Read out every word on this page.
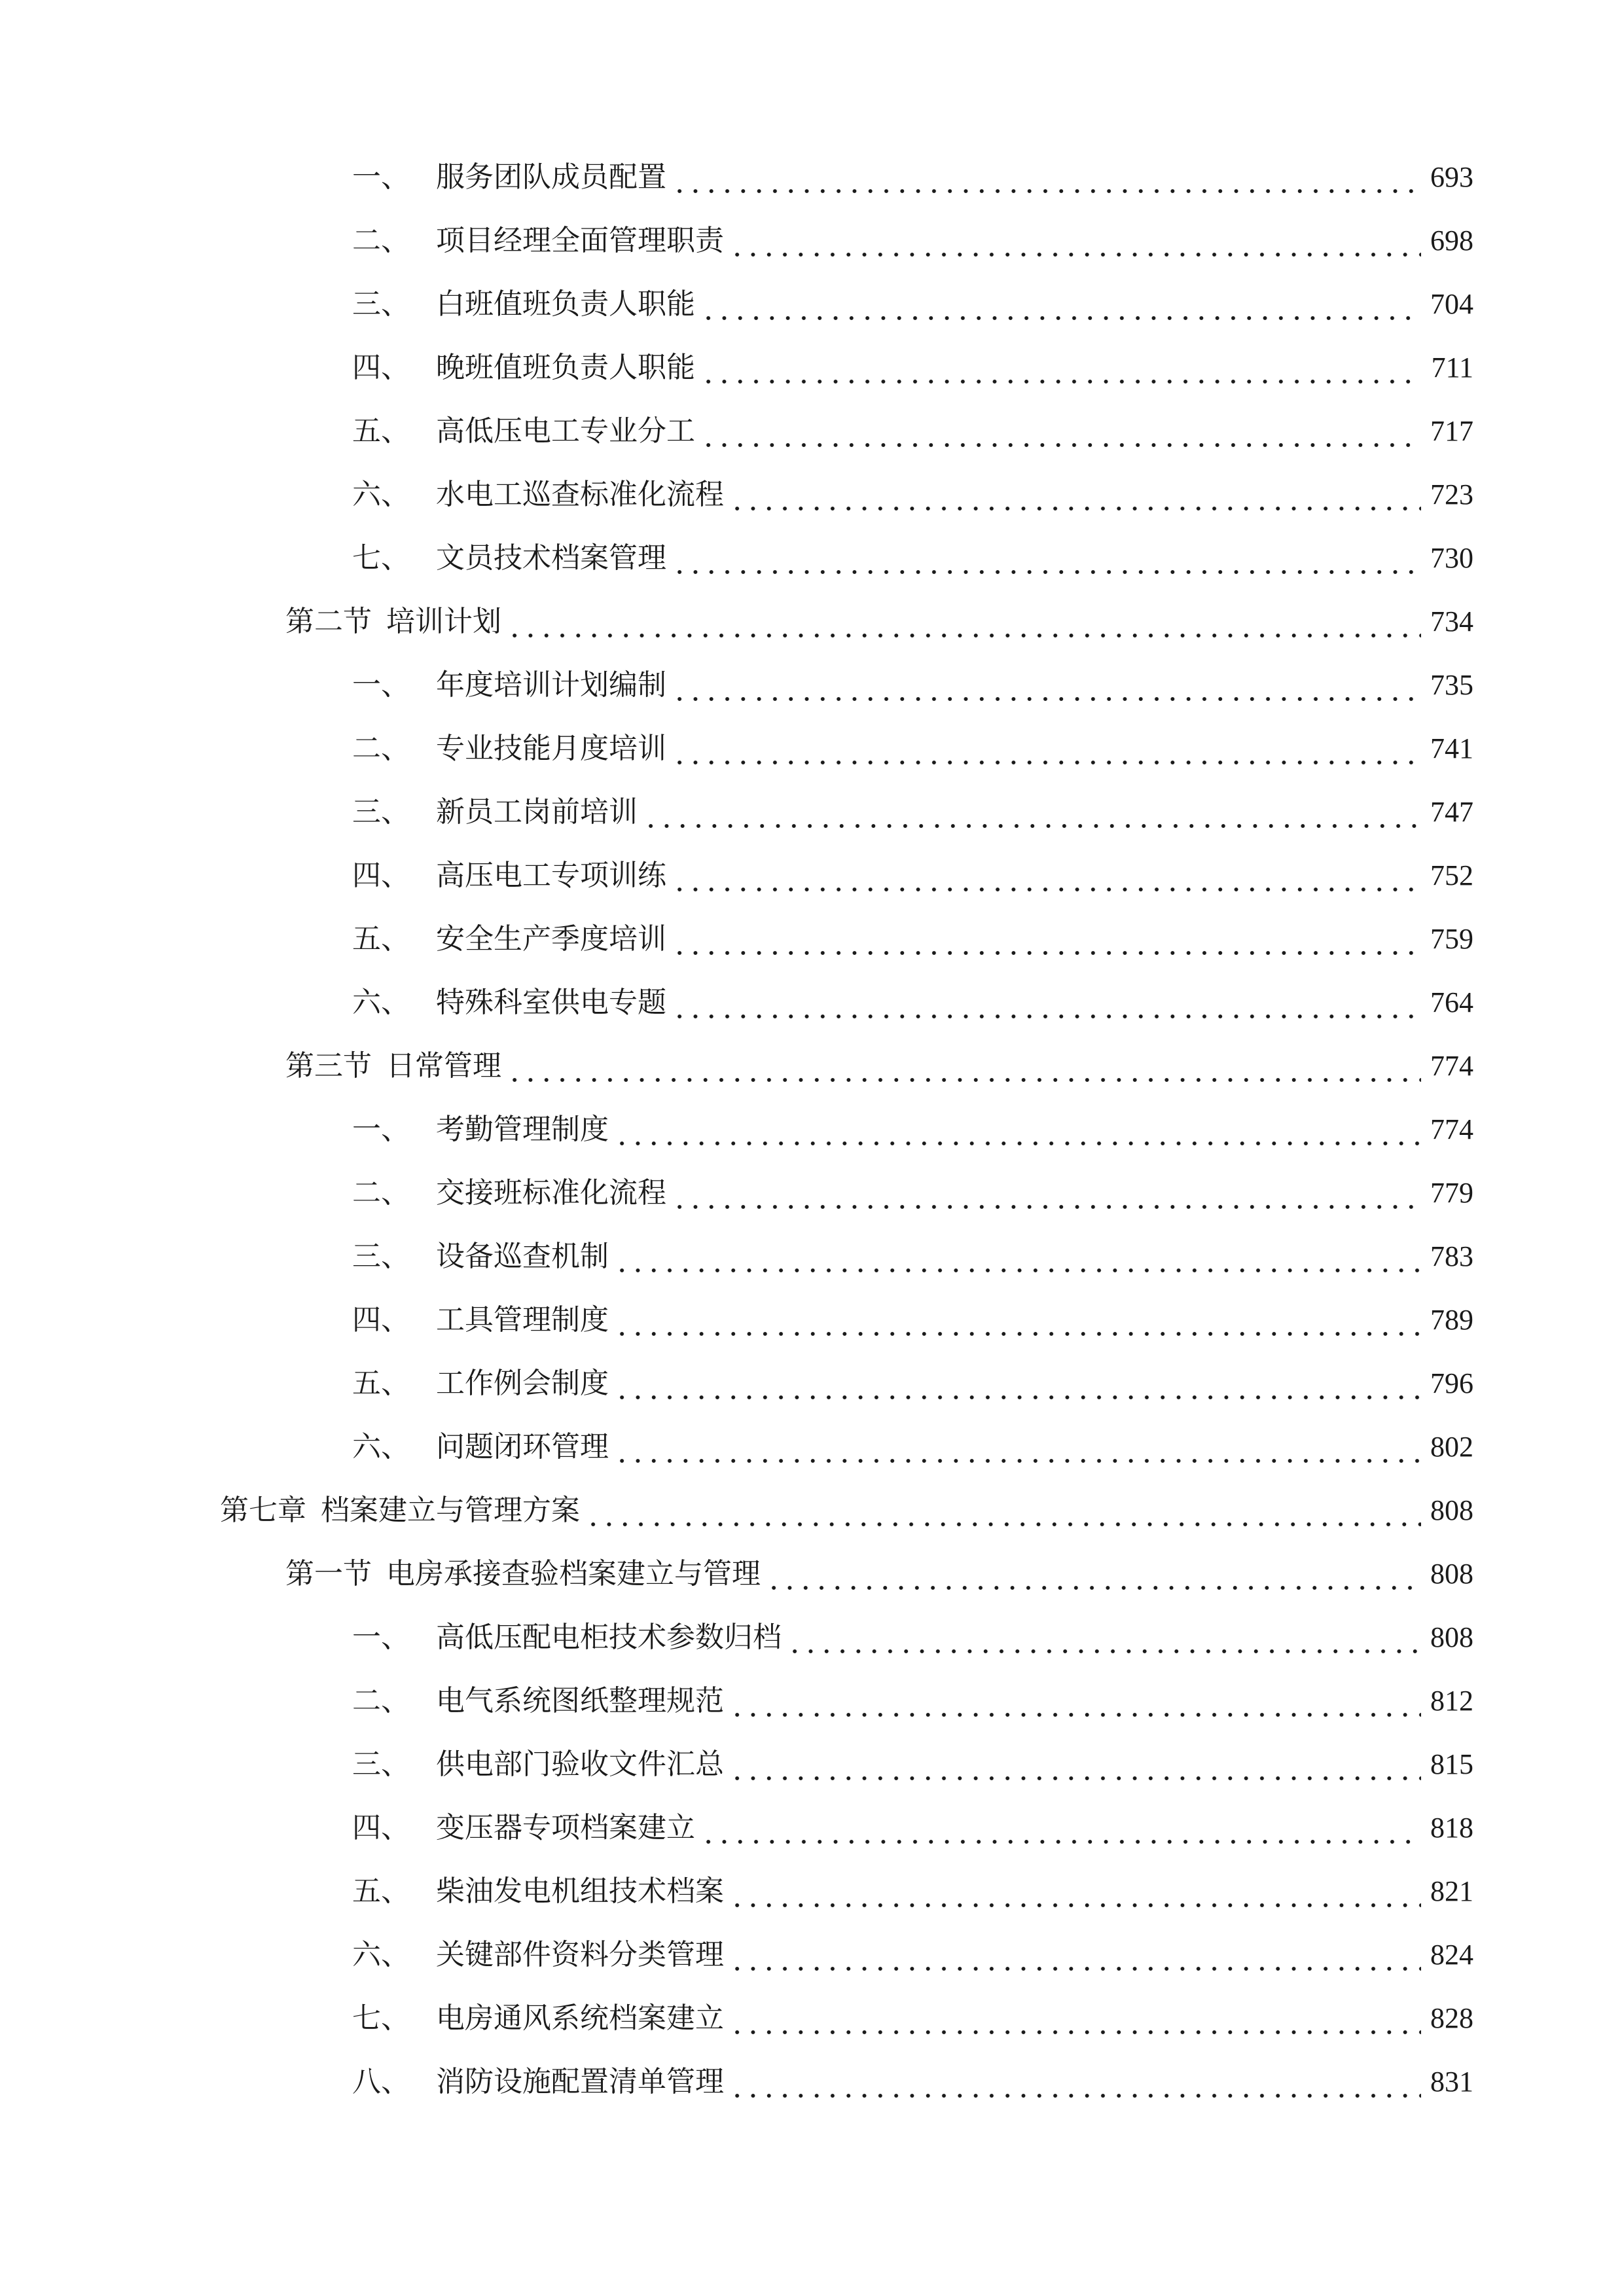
一、 服务团队成员配置	693
二、 项目经理全面管理职责	698
三、 白班值班负责人职能	704
四、 晚班值班负责人职能	711
五、 高低压电工专业分工	717
六、 水电工巡查标准化流程	723
七、 文员技术档案管理	730
第二节 培训计划	734
一、 年度培训计划编制	735
二、 专业技能月度培训	741
三、 新员工岗前培训	747
四、 高压电工专项训练	752
五、 安全生产季度培训	759
六、 特殊科室供电专题	764
第三节 日常管理	774
一、 考勤管理制度	774
二、 交接班标准化流程	779
三、 设备巡查机制	783
四、 工具管理制度	789
五、 工作例会制度	796
六、 问题闭环管理	802
第七章 档案建立与管理方案	808
第一节 电房承接查验档案建立与管理	808
一、 高低压配电柜技术参数归档	808
二、 电气系统图纸整理规范	812
三、 供电部门验收文件汇总	815
四、 变压器专项档案建立	818
五、 柴油发电机组技术档案	821
六、 关键部件资料分类管理	824
七、 电房通风系统档案建立	828
八、 消防设施配置清单管理	831
